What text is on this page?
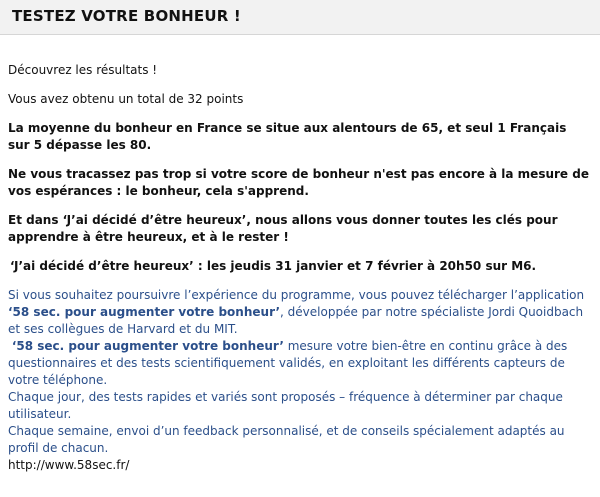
TESTEZ VOTRE BONHEUR !

Découvrez les résultats !

Vous avez obtenu un total de 32 points

La moyenne du bonheur en France se situe aux alentours de 65, et seul 1 Français sur 5 dépasse les 80.

Ne vous tracassez pas trop si votre score de bonheur n'est pas encore à la mesure de vos espérances : le bonheur, cela s'apprend.

Et dans ‘J’ai décidé d’être heureux’, nous allons vous donner toutes les clés pour apprendre à être heureux, et à le rester !

‘J’ai décidé d’être heureux’ : les jeudis 31 janvier et 7 février à 20h50 sur M6.

Si vous souhaitez poursuivre l’expérience du programme, vous pouvez télécharger l’application ‘58 sec. pour augmenter votre bonheur’, développée par notre spécialiste Jordi Quoidbach et ses collègues de Harvard et du MIT.

‘58 sec. pour augmenter votre bonheur’ mesure votre bien-être en continu grâce à des questionnaires et des tests scientifiquement validés, en exploitant les différents capteurs de votre téléphone.

Chaque jour, des tests rapides et variés sont proposés – fréquence à déterminer par chaque utilisateur.

Chaque semaine, envoi d’un feedback personnalisé, et de conseils spécialement adaptés au profil de chacun.

http://www.58sec.fr/
